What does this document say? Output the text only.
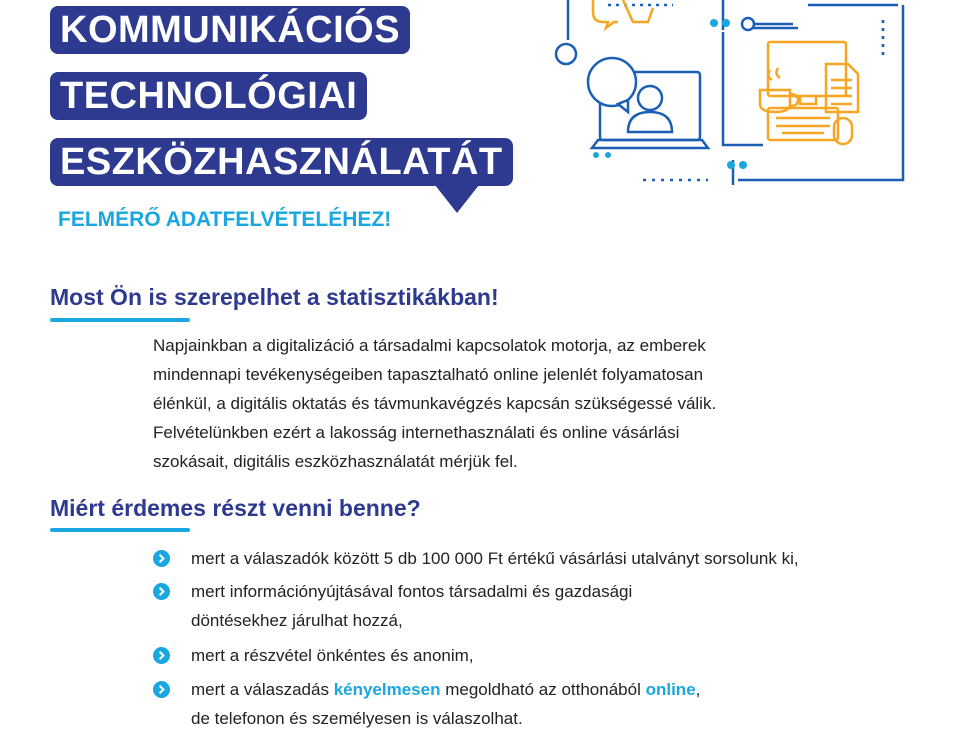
KOMMUNIKÁCIÓS
TECHNOLÓGIAI
ESZKÖZHASZNÁLATÁT
FELMÉRŐ ADATFELVÉTELÉHEZ!
Most Ön is szerepelhet a statisztikákban!
Napjainkban a digitalizáció a társadalmi kapcsolatok motorja, az emberek
mindennapi tevékenységeiben tapasztalható online jelenlét folyamatosan
élénkül, a digitális oktatás és távmunkavégzés kapcsán szükségessé válik.
Felvételünkben ezért a lakosság internethasználati és online vásárlási
szokásait, digitális eszközhasználatát mérjük fel.
Miért érdemes részt venni benne?
mert a válaszadók között 5 db 100 000 Ft értékű vásárlási utalványt sorsolunk ki,
mert információnyújtásával fontos társadalmi és gazdasági
döntésekhez járulhat hozzá,
mert a részvétel önkéntes és anonim,
mert a válaszadás kényelmesen megoldható az otthonából online,
de telefonon és személyesen is válaszolhat.
